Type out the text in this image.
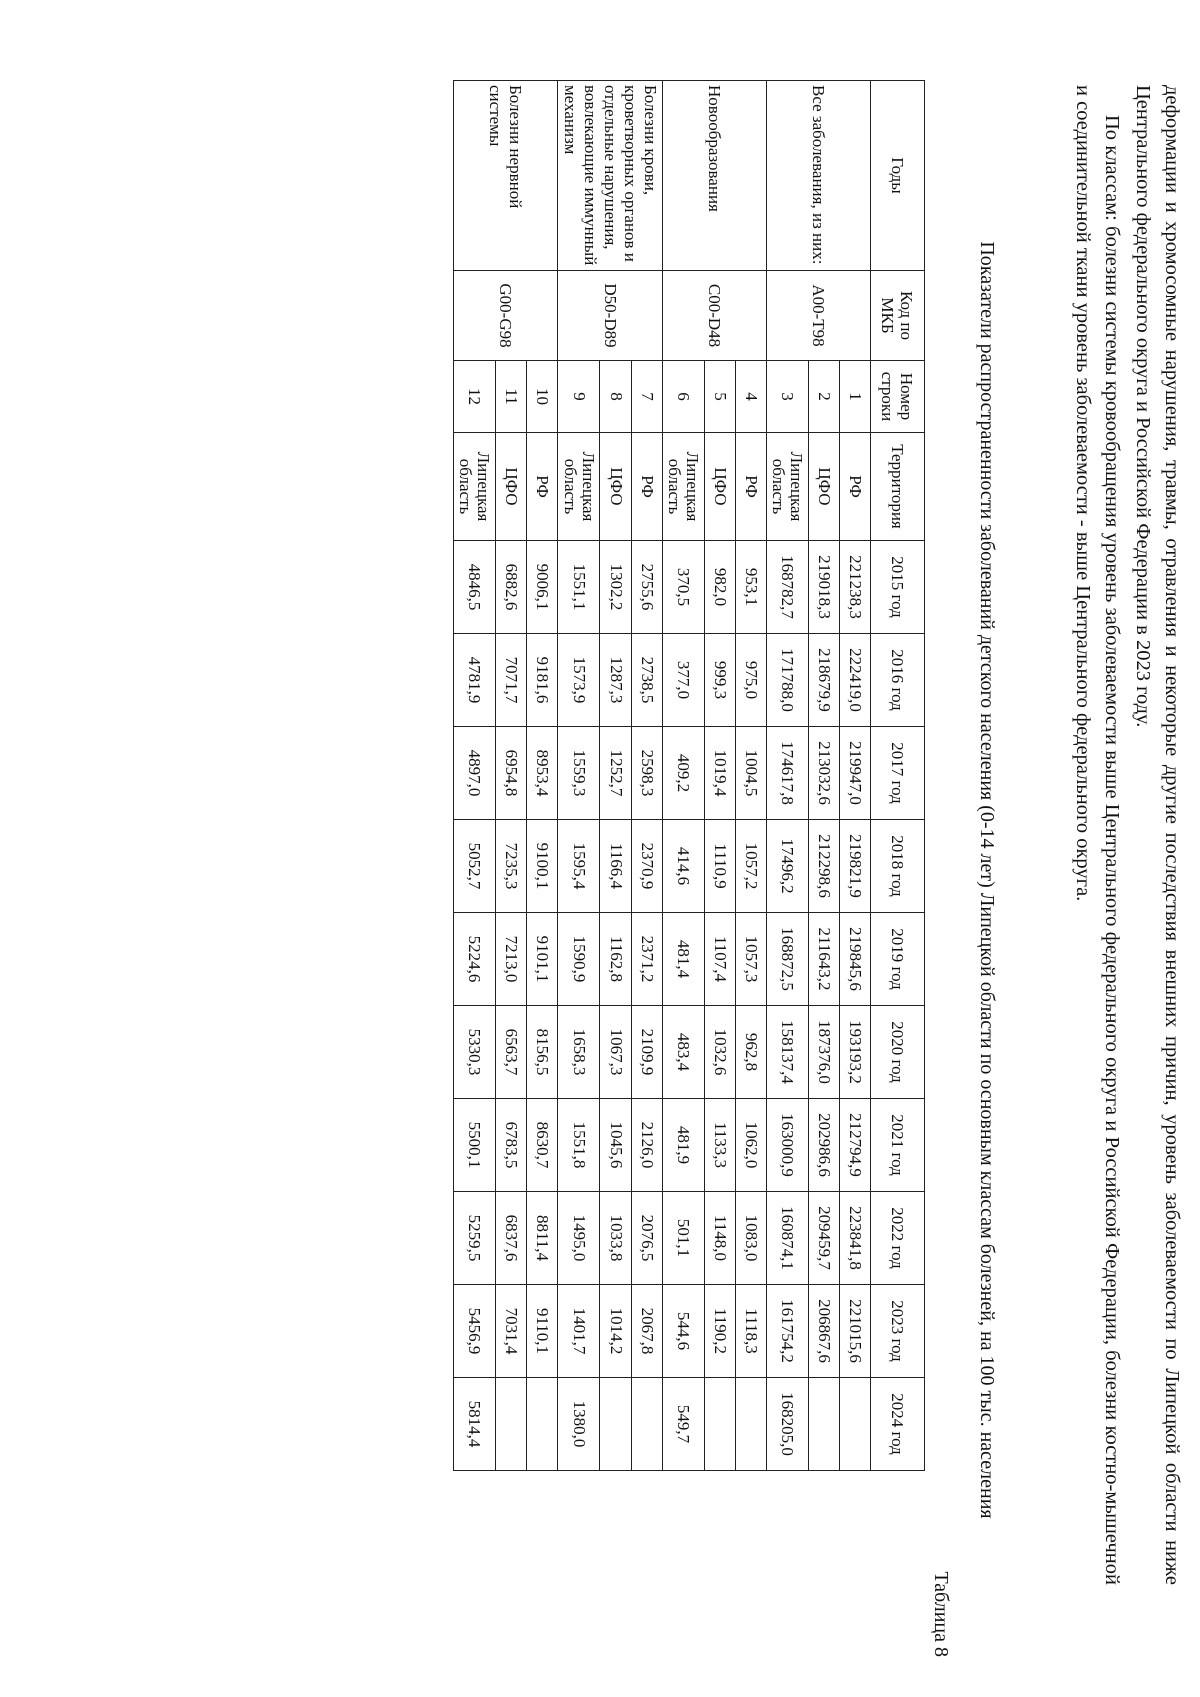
деформации и хромосомные нарушения, травмы, отравления и некоторые другие последствия внешних причин, уровень заболеваемости по Липецкой области ниже Центрального федерального округа и Российской Федерации в 2023 году.
По классам: болезни системы кровообращения уровень заболеваемости выше Центрального федерального округа и Российской Федерации, болезни костно-мышечной и соединительной ткани уровень заболеваемости - выше Центрального федерального округа.
Показатели распространенности заболеваний детского населения (0-14 лет) Липецкой области по основным классам болезней, на 100 тыс. населения
Таблица 8
Годы	Код по МКБ	Номер строки	Территория	2015 год	2016 год	2017 год	2018 год	2019 год	2020 год	2021 год	2022 год	2023 год	2024 год
Все заболевания, из них:	A00-T98	1	РФ	221238,3	222419,0	219947,0	219821,9	219845,6	193193,2	212794,9	223841,8	221015,6	
		2	ЦФО	219018,3	218679,9	213032,6	212298,6	211643,2	187376,0	202986,6	209459,7	206867,6	
		3	Липецкая область	168782,7	171788,0	174617,8	17496,2	168872,5	158137,4	163000,9	160874,1	161754,2	168205,0
Новообразования	C00-D48	4	РФ	953,1	975,0	1004,5	1057,2	1057,3	962,8	1062,0	1083,0	1118,3	
		5	ЦФО	982,0	999,3	1019,4	1110,9	1107,4	1032,6	1133,3	1148,0	1190,2	
		6	Липецкая область	370,5	377,0	409,2	414,6	481,4	483,4	481,9	501,1	544,6	549,7
Болезни крови, кроветворных органов и отдельные нарушения, вовлекающие иммунный механизм	D50-D89	7	РФ	2755,6	2738,5	2598,3	2370,9	2371,2	2109,9	2126,0	2076,5	2067,8	
		8	ЦФО	1302,2	1287,3	1252,7	1166,4	1162,8	1067,3	1045,6	1033,8	1014,2	
		9	Липецкая область	1551,1	1573,9	1559,3	1595,4	1590,9	1658,3	1551,8	1495,0	1401,7	1380,0
Болезни нервной системы	G00-G98	10	РФ	9006,1	9181,6	8953,4	9100,1	9101,1	8156,5	8630,7	8811,4	9110,1	
		11	ЦФО	6882,6	7071,7	6954,8	7235,3	7213,0	6563,7	6783,5	6837,6	7031,4	
		12	Липецкая область	4846,5	4781,9	4897,0	5052,7	5224,6	5330,3	5500,1	5259,5	5456,9	5814,4
